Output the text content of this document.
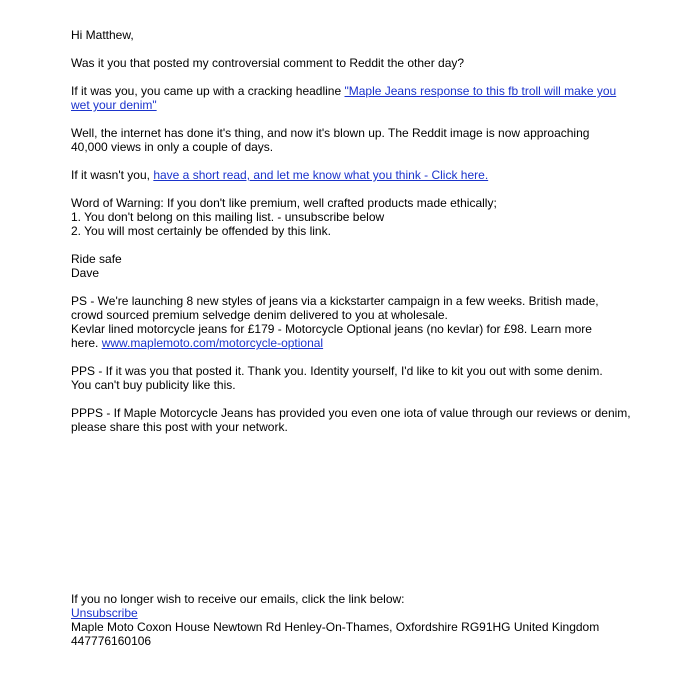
Hi Matthew,

Was it you that posted my controversial comment to Reddit the other day?

If it was you, you came up with a cracking headline "Maple Jeans response to this fb troll will make you
wet your denim"

Well, the internet has done it's thing, and now it's blown up. The Reddit image is now approaching
40,000 views in only a couple of days.

If it wasn't you, have a short read, and let me know what you think - Click here.

Word of Warning: If you don't like premium, well crafted products made ethically;
1. You don't belong on this mailing list. - unsubscribe below
2. You will most certainly be offended by this link.

Ride safe
Dave

PS - We're launching 8 new styles of jeans via a kickstarter campaign in a few weeks. British made,
crowd sourced premium selvedge denim delivered to you at wholesale.
Kevlar lined motorcycle jeans for £179 - Motorcycle Optional jeans (no kevlar) for £98. Learn more
here. www.maplemoto.com/motorcycle-optional

PPS - If it was you that posted it. Thank you. Identity yourself, I'd like to kit you out with some denim.
You can't buy publicity like this.

PPPS - If Maple Motorcycle Jeans has provided you even one iota of value through our reviews or denim,
please share this post with your network.

If you no longer wish to receive our emails, click the link below:

Unsubscribe

Maple Moto Coxon House Newtown Rd Henley-On-Thames, Oxfordshire RG91HG United Kingdom

447776160106
